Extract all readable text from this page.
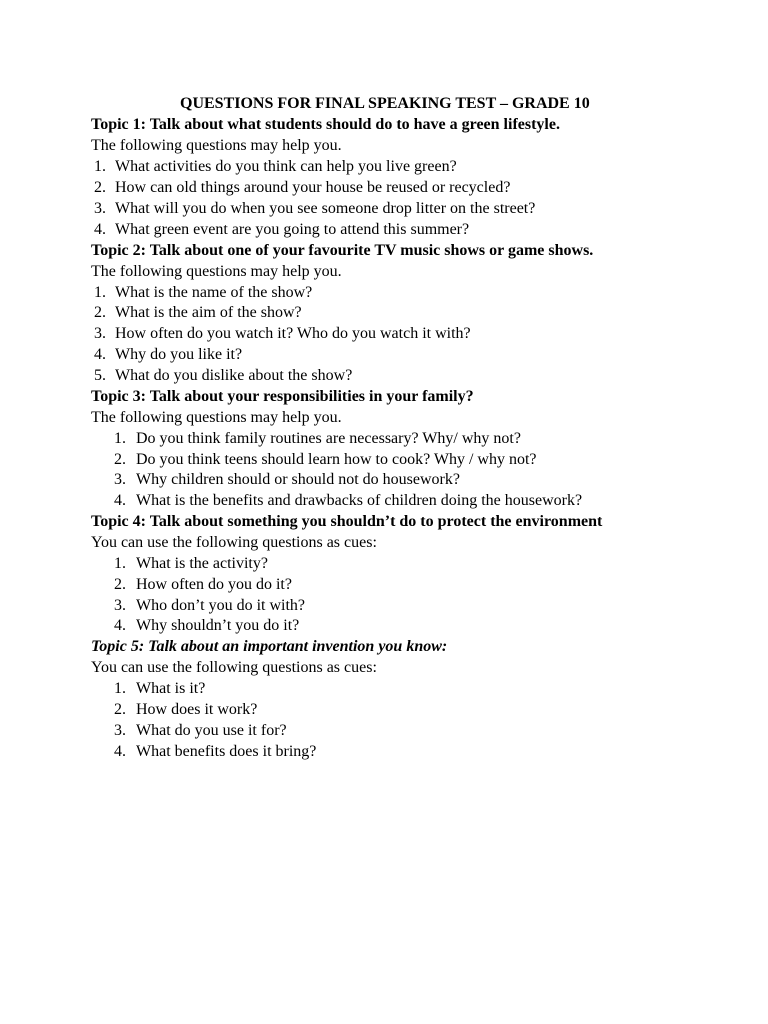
QUESTIONS FOR FINAL SPEAKING TEST – GRADE 10
Topic 1: Talk about what students should do to have a green lifestyle.
The following questions may help you.
1. What activities do you think can help you live green?
2. How can old things around your house be reused or recycled?
3. What will you do when you see someone drop litter on the street?
4. What green event are you going to attend this summer?
Topic 2: Talk about one of your favourite TV music shows or game shows.
The following questions may help you.
1. What is the name of the show?
2. What is the aim of the show?
3. How often do you watch it? Who do you watch it with?
4. Why do you like it?
5. What do you dislike about the show?
Topic 3: Talk about your responsibilities in your family?
The following questions may help you.
1. Do you think family routines are necessary? Why/ why not?
2. Do you think teens should learn how to cook? Why / why not?
3. Why children should or should not do housework?
4. What is the benefits and drawbacks of children doing the housework?
Topic 4: Talk about something you shouldn’t do to protect the environment
You can use the following questions as cues:
1. What is the activity?
2. How often do you do it?
3. Who don’t you do it with?
4. Why shouldn’t you do it?
Topic 5: Talk about an important invention you know:
You can use the following questions as cues:
1. What is it?
2. How does it work?
3. What do you use it for?
4. What benefits does it bring?
